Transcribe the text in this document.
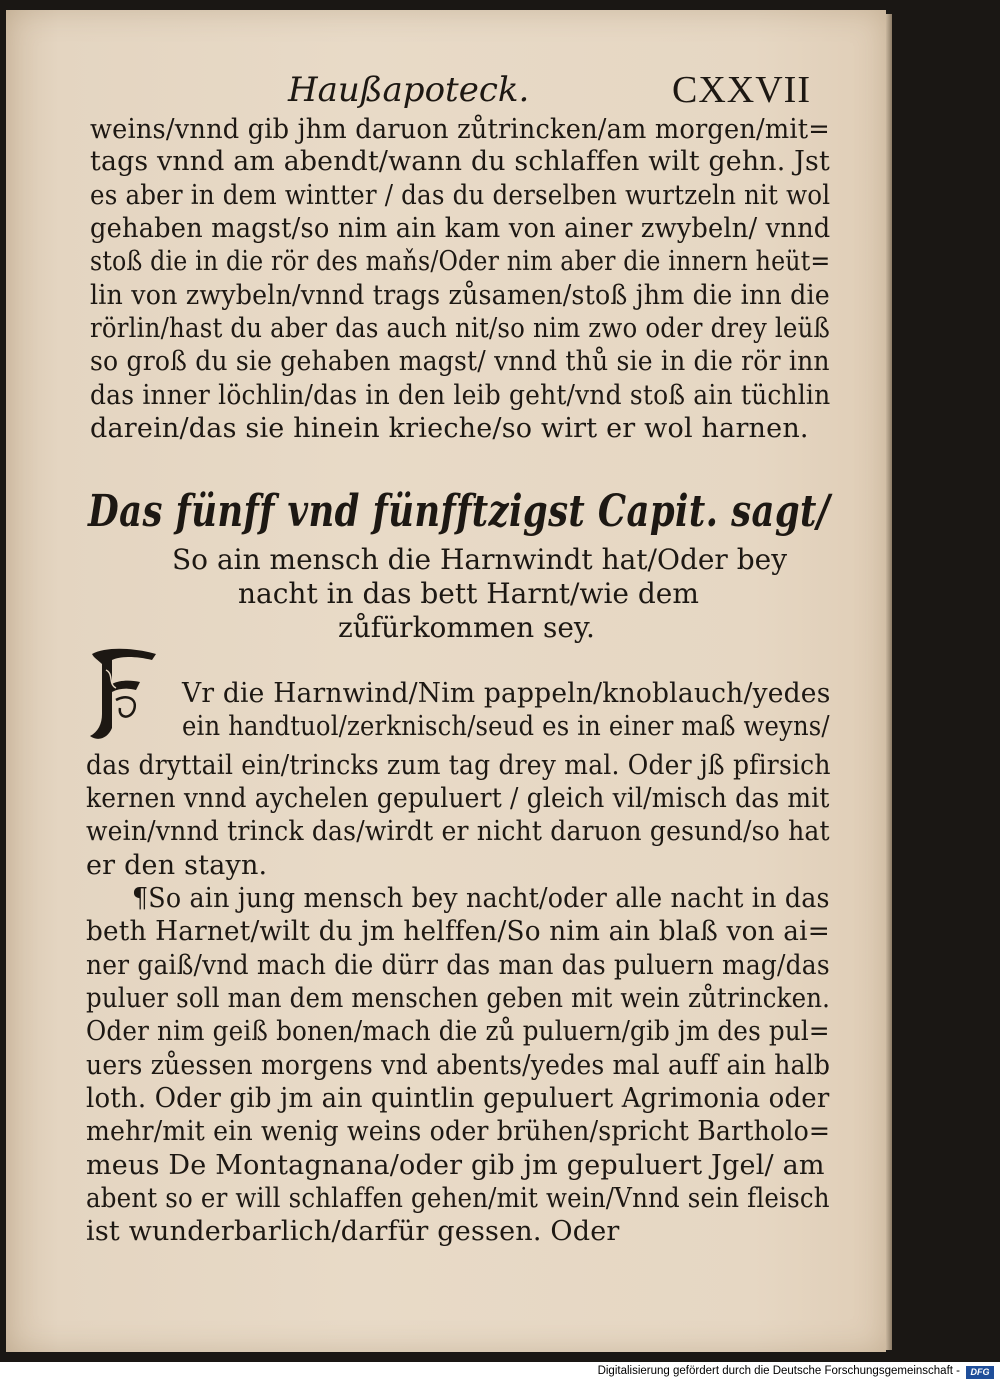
Haußapoteck.	CXXVII
weins/vnnd gib jhm daruon zůtrincken/am morgen/mit=
tags vnnd am abendt/wann du schlaffen wilt gehn. Jst
es aber in dem wintter / das du derselben wurtzeln nit wol
gehaben magst/so nim ain kam von ainer zwybeln/ vnnd
stoß die in die rör des maňs/Oder nim aber die innern heüt=
lin von zwybeln/vnnd trags zůsamen/stoß jhm die inn die
rörlin/hast du aber das auch nit/so nim zwo oder drey leüß
so groß du sie gehaben magst/ vnnd thů sie in die rör inn
das inner löchlin/das in den leib geht/vnd stoß ain tüchlin
darein/das sie hinein krieche/so wirt er wol harnen.
Das fünff vnd fünfftzigst Capit. sagt/
So ain mensch die Harnwindt hat/Oder bey
nacht in das bett Harnt/wie dem
zůfürkommen sey.
Vr die Harnwind/Nim pappeln/knoblauch/yedes
ein handtuol/zerknisch/seud es in einer maß weyns/
das dryttail ein/trincks zum tag drey mal. Oder jß pfirsich
kernen vnnd aychelen gepuluert / gleich vil/misch das mit
wein/vnnd trinck das/wirdt er nicht daruon gesund/so hat
er den stayn.
¶So ain jung mensch bey nacht/oder alle nacht in das
beth Harnet/wilt du jm helffen/So nim ain blaß von ai=
ner gaiß/vnd mach die dürr das man das puluern mag/das
puluer soll man dem menschen geben mit wein zůtrincken.
Oder nim geiß bonen/mach die zů puluern/gib jm des pul=
uers zůessen morgens vnd abents/yedes mal auff ain halb
loth. Oder gib jm ain quintlin gepuluert Agrimonia oder
mehr/mit ein wenig weins oder brühen/spricht Bartholo=
meus De Montagnana/oder gib jm gepuluert Jgel/ am
abent so er will schlaffen gehen/mit wein/Vnnd sein fleisch
ist wunderbarlich/darfür gessen. Oder
Digitalisierung gefördert durch die Deutsche Forschungsgemeinschaft -	DFG
